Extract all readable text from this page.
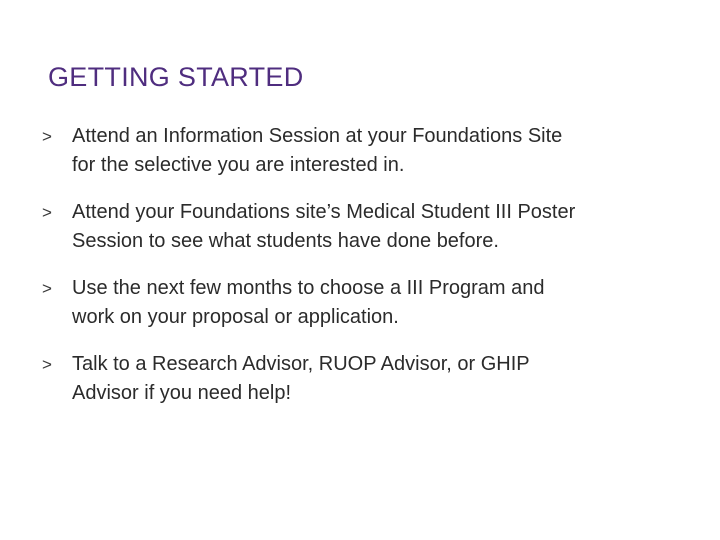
GETTING STARTED
> Attend an Information Session at your Foundations Site
for the selective you are interested in.
> Attend your Foundations site’s Medical Student III Poster
Session to see what students have done before.
> Use the next few months to choose a III Program and
work on your proposal or application.
> Talk to a Research Advisor, RUOP Advisor, or GHIP
Advisor if you need help!
